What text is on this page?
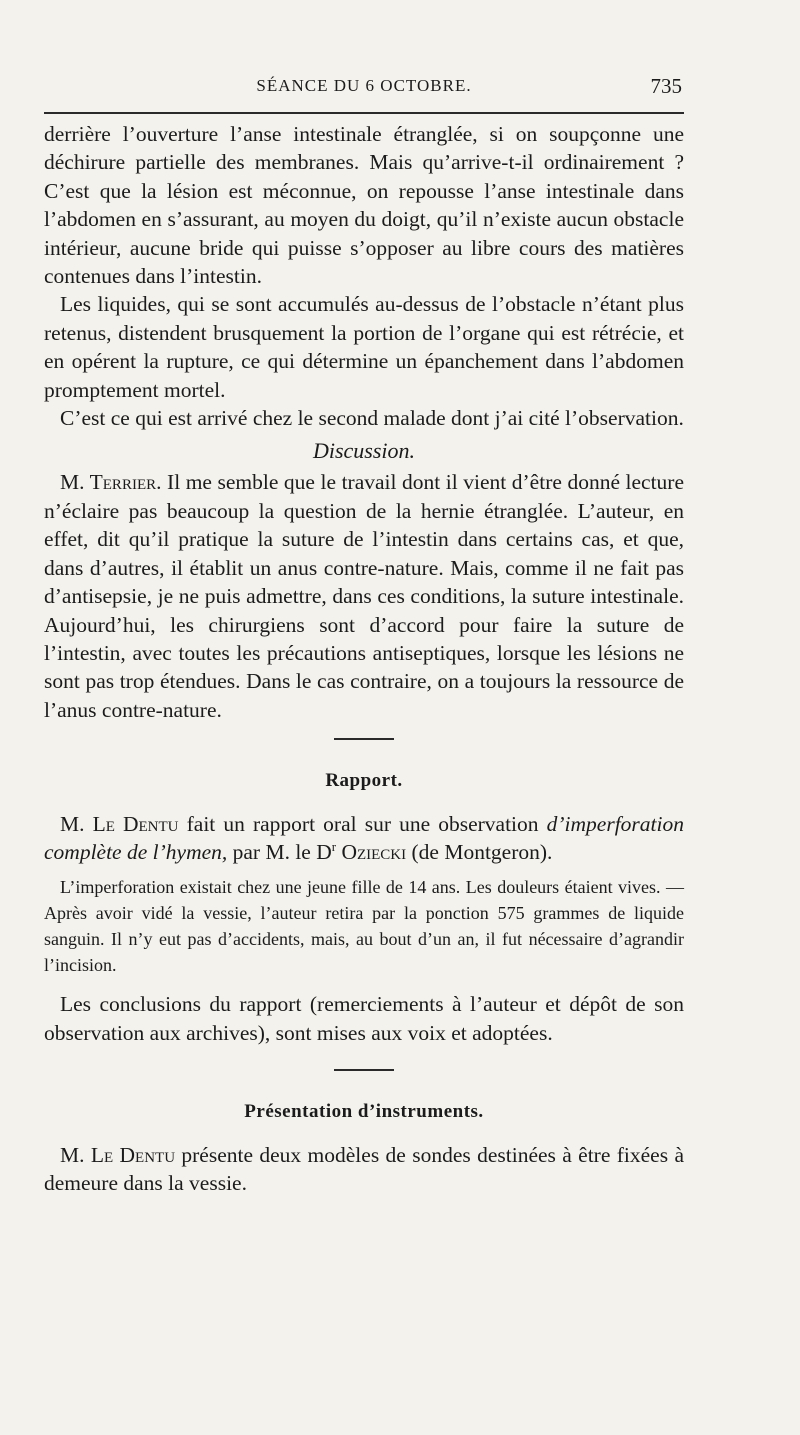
SÉANCE DU 6 OCTOBRE.	735

derrière l’ouverture l’anse intestinale étranglée, si on soupçonne une déchirure partielle des membranes. Mais qu’arrive-t-il ordinairement ? C’est que la lésion est méconnue, on repousse l’anse intestinale dans l’abdomen en s’assurant, au moyen du doigt, qu’il n’existe aucun obstacle intérieur, aucune bride qui puisse s’opposer au libre cours des matières contenues dans l’intestin.

Les liquides, qui se sont accumulés au-dessus de l’obstacle n’étant plus retenus, distendent brusquement la portion de l’organe qui est rétrécie, et en opérent la rupture, ce qui détermine un épanchement dans l’abdomen promptement mortel.

C’est ce qui est arrivé chez le second malade dont j’ai cité l’observation.

Discussion.

M. Terrier. Il me semble que le travail dont il vient d’être donné lecture n’éclaire pas beaucoup la question de la hernie étranglée. L’auteur, en effet, dit qu’il pratique la suture de l’intestin dans certains cas, et que, dans d’autres, il établit un anus contre-nature. Mais, comme il ne fait pas d’antisepsie, je ne puis admettre, dans ces conditions, la suture intestinale. Aujourd’hui, les chirurgiens sont d’accord pour faire la suture de l’intestin, avec toutes les précautions antiseptiques, lorsque les lésions ne sont pas trop étendues. Dans le cas contraire, on a toujours la ressource de l’anus contre-nature.

Rapport.

M. Le Dentu fait un rapport oral sur une observation d’imperforation complète de l’hymen, par M. le $D^r$ Oziecki (de Montgeron).

L’imperforation existait chez une jeune fille de 14 ans. Les douleurs étaient vives. — Après avoir vidé la vessie, l’auteur retira par la ponction 575 grammes de liquide sanguin. Il n’y eut pas d’accidents, mais, au bout d’un an, il fut nécessaire d’agrandir l’incision.

Les conclusions du rapport (remerciements à l’auteur et dépôt de son observation aux archives), sont mises aux voix et adoptées.

Présentation d’instruments.

M. Le Dentu présente deux modèles de sondes destinées à être fixées à demeure dans la vessie.
